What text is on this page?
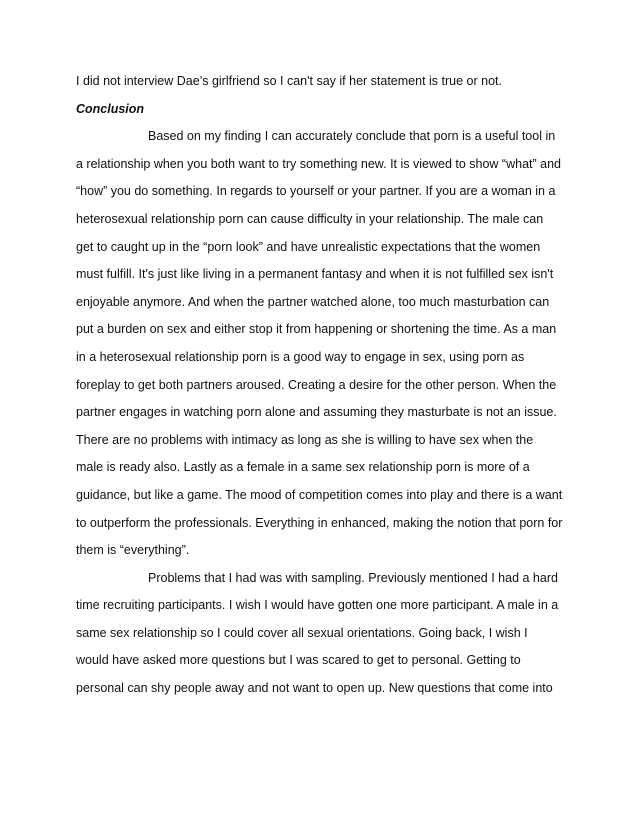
I did not interview Dae’s girlfriend so I can't say if her statement is true or not.
Conclusion
Based on my finding I can accurately conclude that porn is a useful tool in
a relationship when you both want to try something new. It is viewed to show “what” and
“how” you do something. In regards to yourself or your partner. If you are a woman in a
heterosexual relationship porn can cause difficulty in your relationship. The male can
get to caught up in the “porn look” and have unrealistic expectations that the women
must fulfill. It's just like living in a permanent fantasy and when it is not fulfilled sex isn't
enjoyable anymore. And when the partner watched alone, too much masturbation can
put a burden on sex and either stop it from happening or shortening the time. As a man
in a heterosexual relationship porn is a good way to engage in sex, using porn as
foreplay to get both partners aroused. Creating a desire for the other person. When the
partner engages in watching porn alone and assuming they masturbate is not an issue.
There are no problems with intimacy as long as she is willing to have sex when the
male is ready also. Lastly as a female in a same sex relationship porn is more of a
guidance, but like a game. The mood of competition comes into play and there is a want
to outperform the professionals. Everything in enhanced, making the notion that porn for
them is “everything”.
Problems that I had was with sampling. Previously mentioned I had a hard
time recruiting participants. I wish I would have gotten one more participant. A male in a
same sex relationship so I could cover all sexual orientations. Going back, I wish I
would have asked more questions but I was scared to get to personal. Getting to
personal can shy people away and not want to open up. New questions that come into
